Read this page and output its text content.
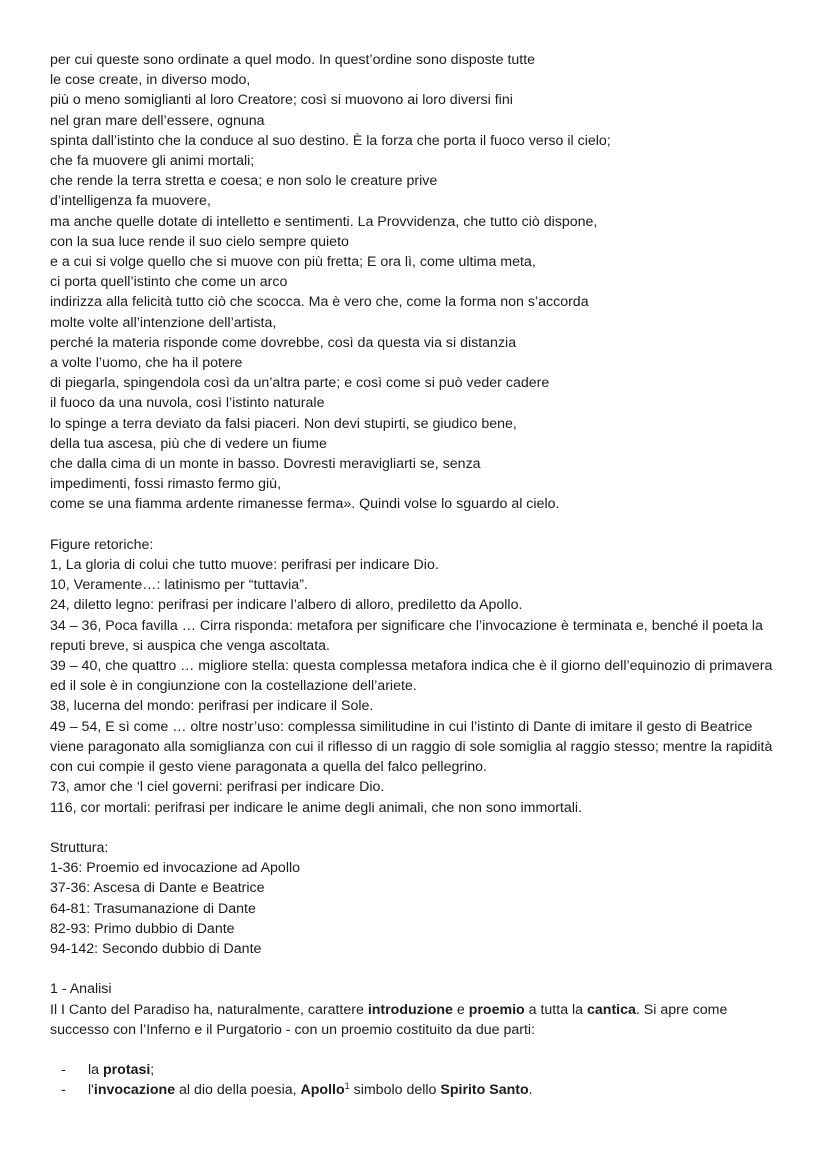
per cui queste sono ordinate a quel modo. In quest’ordine sono disposte tutte
le cose create, in diverso modo,
più o meno somiglianti al loro Creatore; così si muovono ai loro diversi fini
nel gran mare dell’essere, ognuna
spinta dall’istinto che la conduce al suo destino. È la forza che porta il fuoco verso il cielo;
che fa muovere gli animi mortali;
che rende la terra stretta e coesa; e non solo le creature prive
d’intelligenza fa muovere,
ma anche quelle dotate di intelletto e sentimenti. La Provvidenza, che tutto ciò dispone,
con la sua luce rende il suo cielo sempre quieto
e a cui si volge quello che si muove con più fretta; E ora lì, come ultima meta,
ci porta quell’istinto che come un arco
indirizza alla felicità tutto ciò che scocca. Ma è vero che, come la forma non s’accorda
molte volte all’intenzione dell’artista,
perché la materia risponde come dovrebbe, così da questa via si distanzia
a volte l’uomo, che ha il potere
di piegarla, spingendola così da un’altra parte; e così come si può veder cadere
il fuoco da una nuvola, così l’istinto naturale
lo spinge a terra deviato da falsi piaceri. Non devi stupirti, se giudico bene,
della tua ascesa, più che di vedere un fiume
che dalla cima di un monte in basso. Dovresti meravigliarti se, senza
impedimenti, fossi rimasto fermo giù,
come se una fiamma ardente rimanesse ferma». Quindi volse lo sguardo al cielo.
Figure retoriche:
1, La gloria di colui che tutto muove: perifrasi per indicare Dio.
10, Veramente…: latinismo per “tuttavia”.
24, diletto legno: perifrasi per indicare l’albero di alloro, prediletto da Apollo.
34 – 36, Poca favilla … Cirra risponda: metafora per significare che l’invocazione è terminata e, benché il poeta la reputi breve, si auspica che venga ascoltata.
39 – 40, che quattro … migliore stella: questa complessa metafora indica che è il giorno dell’equinozio di primavera ed il sole è in congiunzione con la costellazione dell’ariete.
38, lucerna del mondo: perifrasi per indicare il Sole.
49 – 54, E sì come … oltre nostr’uso: complessa similitudine in cui l’istinto di Dante di imitare il gesto di Beatrice viene paragonato alla somiglianza con cui il riflesso di un raggio di sole somiglia al raggio stesso; mentre la rapidità con cui compie il gesto viene paragonata a quella del falco pellegrino.
73, amor che ‘l ciel governi: perifrasi per indicare Dio.
116, cor mortali: perifrasi per indicare le anime degli animali, che non sono immortali.
Struttura:
1-36: Proemio ed invocazione ad Apollo
37-36: Ascesa di Dante e Beatrice
64-81: Trasumanazione di Dante
82-93: Primo dubbio di Dante
94-142: Secondo dubbio di Dante
1 - Analisi
Il I Canto del Paradiso ha, naturalmente, carattere introduzione e proemio a tutta la cantica. Si apre come successo con l’Inferno e il Purgatorio - con un proemio costituito da due parti:
- la protasi;
- l'invocazione al dio della poesia, Apollo$^1$ simbolo dello Spirito Santo.
